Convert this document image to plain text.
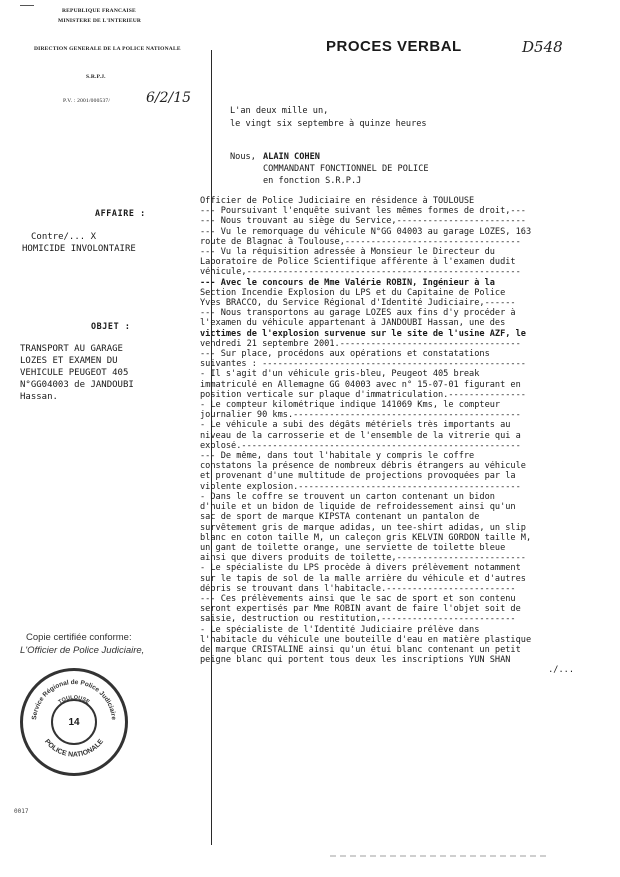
REPUBLIQUE FRANCAISE
MINISTERE DE L'INTERIEUR
DIRECTION GENERALE DE LA POLICE NATIONALE
S.R.P.J.
P.V. : 2001/000537/	6/2/15
PROCES VERBAL	D548
L'an deux mille un,
le vingt six septembre à quinze heures
Nous, ALAIN COHEN
COMMANDANT FONCTIONNEL DE POLICE
en fonction S.R.P.J
AFFAIRE :
Contre/... X
HOMICIDE INVOLONTAIRE
OBJET :
TRANSPORT AU GARAGE
LOZES ET EXAMEN DU
VEHICULE PEUGEOT 405
N°GG04003 de JANDOUBI
Hassan.
Officier de Police Judiciaire en résidence à TOULOUSE
--- Poursuivant l'enquête suivant les mêmes formes de droit,---
--- Nous trouvant au siège du Service,-------------------------
--- Vu le remorquage du véhicule N°GG 04003 au garage LOZES, 163
route de Blagnac à Toulouse,----------------------------------
--- Vu la réquisition adressée à Monsieur le Directeur du
Laboratoire de Police Scientifique afférente à l'examen dudit
véhicule,-----------------------------------------------------
--- Avec le concours de Mme Valérie ROBIN, Ingénieur à la
Section Incendie Explosion du LPS et du Capitaine de Police
Yves BRACCO, du Service Régional d'Identité Judiciaire,------
--- Nous transportons au garage LOZES aux fins d'y procéder à
l'examen du véhicule appartenant à JANDOUBI Hassan, une des
victimes de l'explosion survenue sur le site de l'usine AZF, le
vendredi 21 septembre 2001.-----------------------------------
--- Sur place, procédons aux opérations et constatations
suivantes : ---------------------------------------------------
- Il s'agit d'un véhicule gris-bleu, Peugeot 405 break
immatriculé en Allemagne GG 04003 avec n° 15-07-01 figurant en
position verticale sur plaque d'immatriculation.---------------
- Le compteur kilométrique indique 141069 Kms, le compteur
journalier 90 kms.--------------------------------------------
- Le véhicule a subi des dégâts métériels très importants au
niveau de la carrosserie et de l'ensemble de la vitrerie qui a
explosé.------------------------------------------------------
--- De même, dans tout l'habitale y compris le coffre
constatons la présence de nombreux débris étrangers au véhicule
et provenant d'une multitude de projections provoquées par la
violente explosion.-------------------------------------------
- Dans le coffre se trouvent un carton contenant un bidon
d'huile et un bidon de liquide de refroidessement ainsi qu'un
sac de sport de marque KIPSTA contenant un pantalon de
survêtement gris de marque adidas, un tee-shirt adidas, un slip
blanc en coton taille M, un caleçon gris KELVIN GORDON taille M,
un gant de toilette orange, une serviette de toilette bleue
ainsi que divers produits de toilette,-------------------------
- Le spécialiste du LPS procède à divers prélèvement notamment
sur le tapis de sol de la malle arrière du véhicule et d'autres
débris se trouvant dans l'habitacle.-------------------------
--- Ces prélèvements ainsi que le sac de sport et son contenu
seront expertisés par Mme ROBIN avant de faire l'objet soit de
saisie, destruction ou restitution,--------------------------
- Le spécialiste de l'Identité Judiciaire prélève dans
l'habitacle du véhicule une bouteille d'eau en matière plastique
de marque CRISTALINE ainsi qu'un étui blanc contenant un petit
peigne blanc qui portent tous deux les inscriptions YUN SHAN
./...
Copie certifiée conforme:
L'Officier de Police Judiciaire,
Service Régional de Police Judiciaire
POLICE NATIONALE
TOULOUSE
14
0017
